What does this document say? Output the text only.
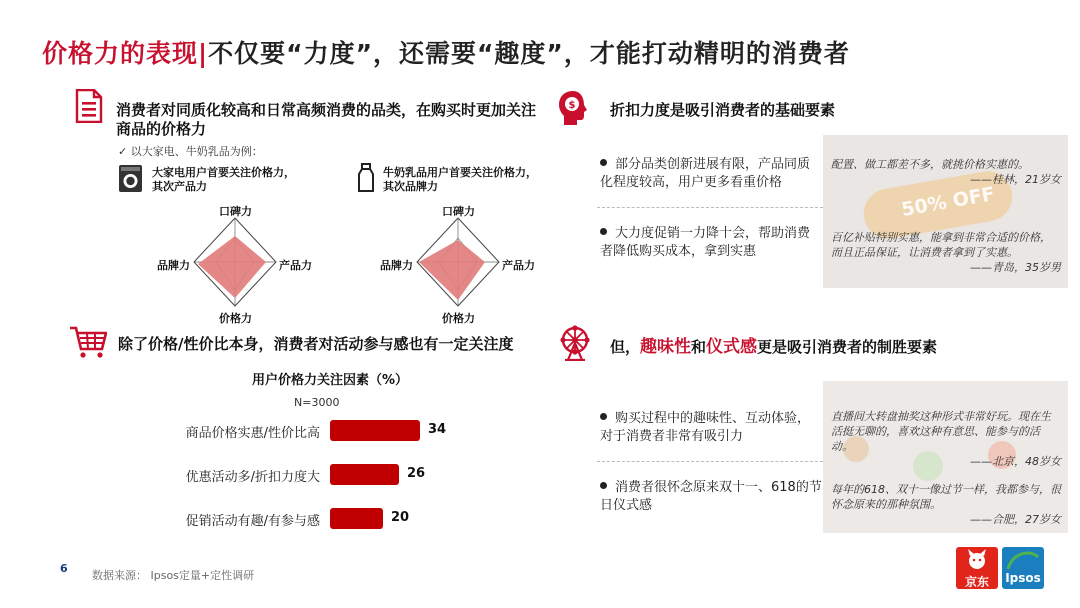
价格力的表现|不仅要“力度”，还需要“趣度”，才能打动精明的消费者
消费者对同质化较高和日常高频消费的品类，在购买时更加关注商品的价格力
✓ 以大家电、牛奶乳品为例：
大家电用户首要关注价格力，
其次产品力
牛奶乳品用户首要关注价格力，
其次品牌力
口碑力
品牌力	产品力
价格力
口碑力
品牌力	产品力
价格力
除了价格/性价比本身，消费者对活动参与感也有一定关注度
用户价格力关注因素（%）
N=3000
商品价格实惠/性价比高	34
优惠活动多/折扣力度大	26
促销活动有趣/有参与感	20
$ 折扣力度是吸引消费者的基础要素
部分品类创新进展有限，产品同质化程度较高，用户更多看重价格
大力度促销一力降十会，帮助消费者降低购买成本，拿到实惠
50% OFF
配置、做工都差不多，就挑价格实惠的。
——桂林，21岁女
百亿补贴特别实惠，能拿到非常合适的价格，而且正品保证，让消费者拿到了实惠。
——青岛，35岁男
但，趣味性和仪式感更是吸引消费者的制胜要素
购买过程中的趣味性、互动体验，对于消费者非常有吸引力
消费者很怀念原来双十一、618的节日仪式感
直播间大转盘抽奖这种形式非常好玩。现在生活挺无聊的，喜欢这种有意思、能参与的活动。
——北京，48岁女
每年的618、双十一像过节一样，我都参与，很怀念原来的那种氛围。
——合肥，27岁女
6
数据来源： Ipsos定量+定性调研	京东	Ipsos
